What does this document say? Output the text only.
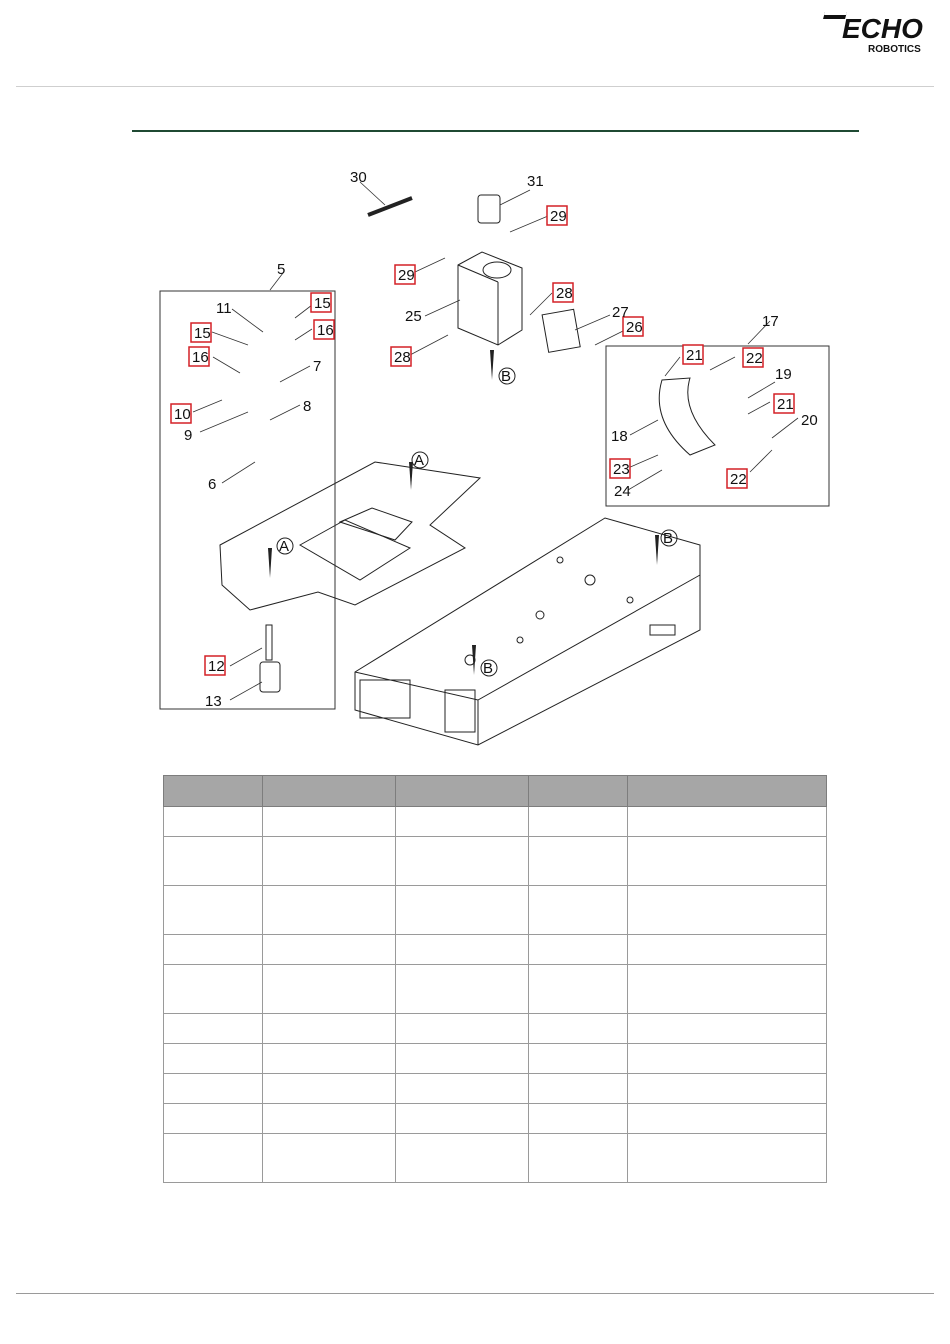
ECHO
ROBOTICS
A
A
B
B
B
15
16
15
16
10
12
29
29
28
28
26
21	22
21
23
22
5
11
7
9
8
6
13
30	31
25	27
17
19
18
20
24
